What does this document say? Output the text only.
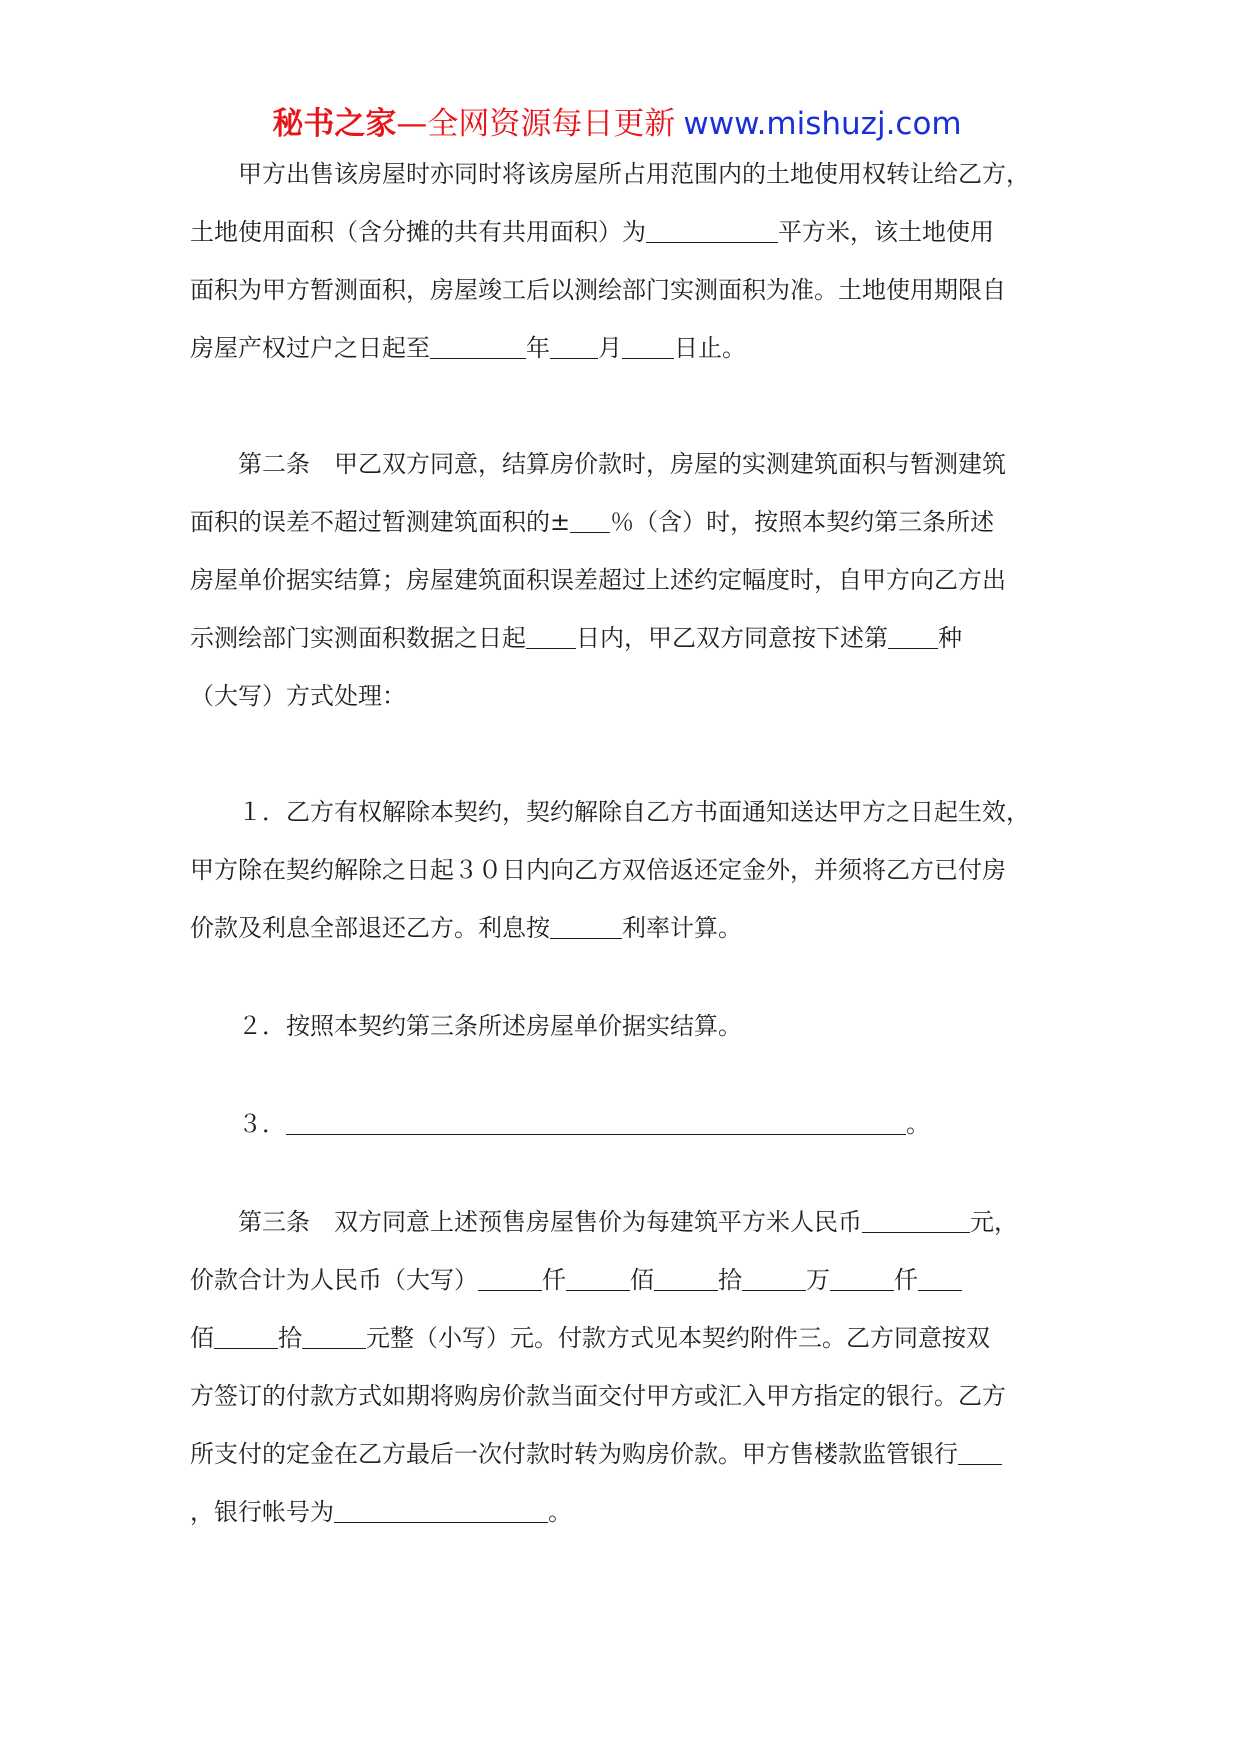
秘书之家—全网资源每日更新 www.mishuzj.com

甲方出售该房屋时亦同时将该房屋所占用范围内的土地使用权转让给乙方，

土地使用面积（含分摊的共有共用面积）为	平方米，该土地使用

面积为甲方暂测面积，房屋竣工后以测绘部门实测面积为准。土地使用期限自

房屋产权过户之日起至	年 月 日止。

第二条　甲乙双方同意，结算房价款时，房屋的实测建筑面积与暂测建筑

面积的误差不超过暂测建筑面积的± ％（含）时，按照本契约第三条所述

房屋单价据实结算；房屋建筑面积误差超过上述约定幅度时，自甲方向乙方出

示测绘部门实测面积数据之日起 日内，甲乙双方同意按下述第 种

（大写）方式处理：

１．乙方有权解除本契约，契约解除自乙方书面通知送达甲方之日起生效，

甲方除在契约解除之日起３０日内向乙方双倍返还定金外，并须将乙方已付房

价款及利息全部退还乙方。利息按	利率计算。

２．按照本契约第三条所述房屋单价据实结算。

３．	。

第三条　双方同意上述预售房屋售价为每建筑平方米人民币	元，

价款合计为人民币（大写）	仟	佰	拾	万	仟

佰	拾	元整（小写）元。付款方式见本契约附件三。乙方同意按双

方签订的付款方式如期将购房价款当面交付甲方或汇入甲方指定的银行。乙方

所支付的定金在乙方最后一次付款时转为购房价款。甲方售楼款监管银行

，银行帐号为	。
